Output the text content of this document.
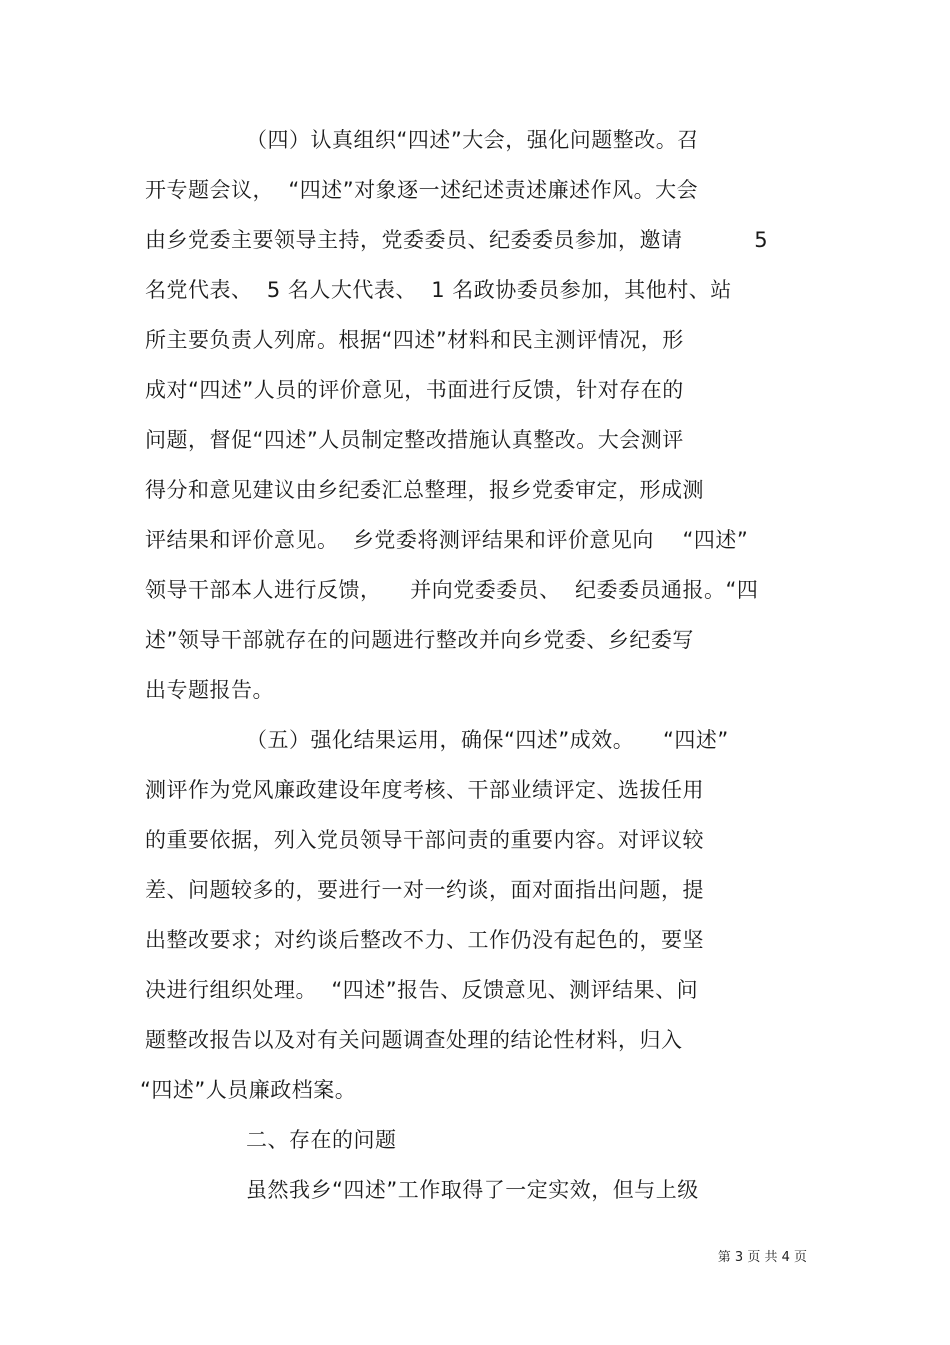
（四）认真组织“四述”大会，强化问题整改。召
开专题会议，  “四述”对象逐一述纪述责述廉述作风。大会
由乡党委主要领导主持，党委委员、纪委委员参加，邀请          5
名党代表、  5 名人大代表、  1 名政协委员参加，其他村、站
所主要负责人列席。根据“四述”材料和民主测评情况，形
成对“四述”人员的评价意见，书面进行反馈，针对存在的
问题，督促“四述”人员制定整改措施认真整改。大会测评
得分和意见建议由乡纪委汇总整理，报乡党委审定，形成测
评结果和评价意见。  乡党委将测评结果和评价意见向    “四述”
领导干部本人进行反馈，    并向党委委员、  纪委委员通报。“四
述”领导干部就存在的问题进行整改并向乡党委、乡纪委写
出专题报告。
（五）强化结果运用，确保“四述”成效。    “四述”
测评作为党风廉政建设年度考核、干部业绩评定、选拔任用
的重要依据，列入党员领导干部问责的重要内容。对评议较
差、问题较多的，要进行一对一约谈，面对面指出问题，提
出整改要求；对约谈后整改不力、工作仍没有起色的，要坚
决进行组织处理。  “四述”报告、反馈意见、测评结果、问
题整改报告以及对有关问题调查处理的结论性材料，归入
“四述”人员廉政档案。
二、存在的问题
虽然我乡“四述”工作取得了一定实效，但与上级
第 3 页 共 4 页
